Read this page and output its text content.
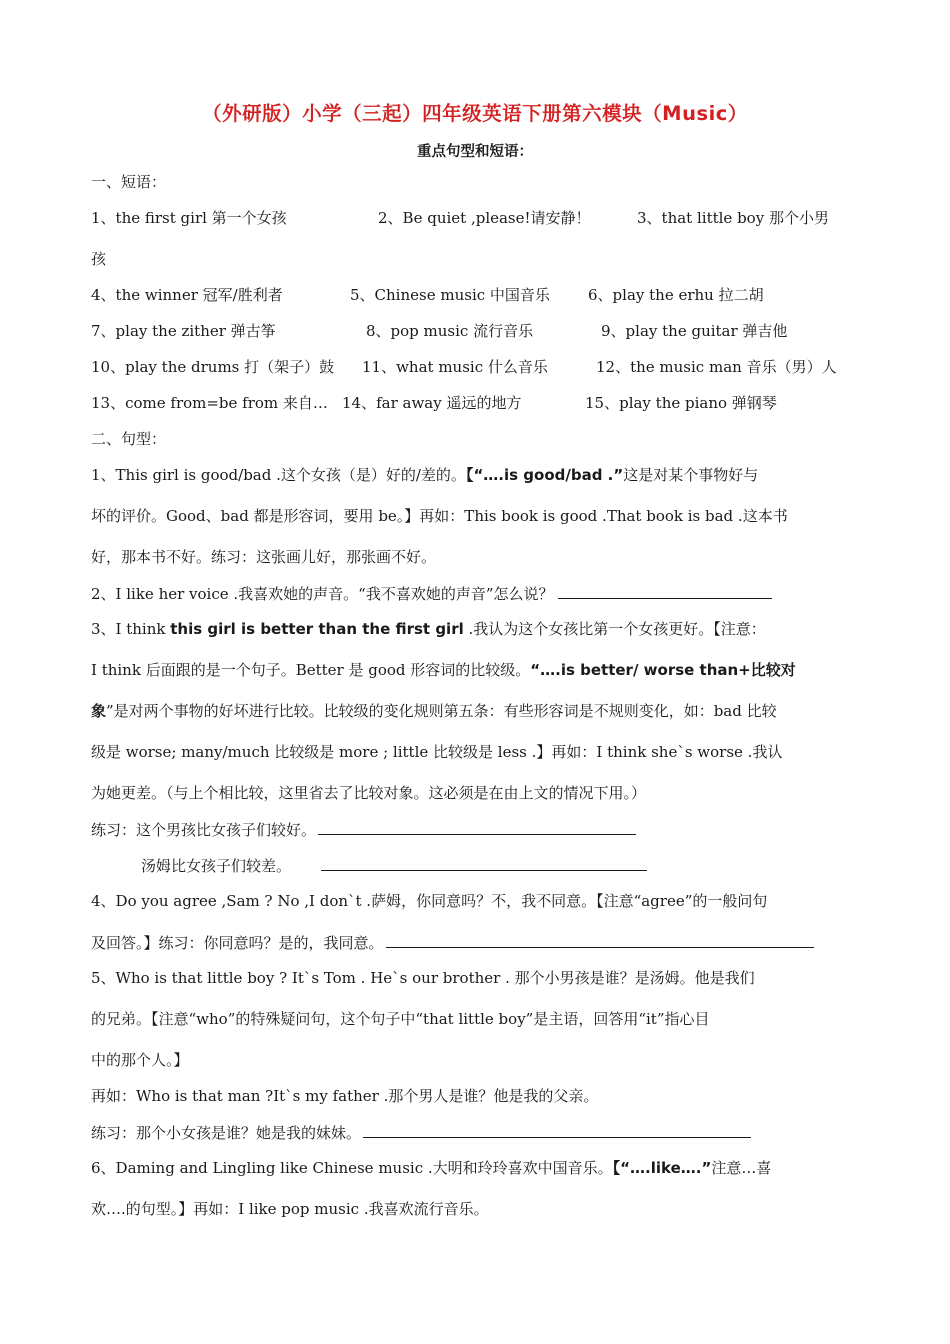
（外研版）小学（三起）四年级英语下册第六模块（Music）
重点句型和短语：
一、短语：
1、the first girl 第一个女孩	2、Be quiet ,please!请安静！	3、that little boy 那个小男
孩
4、the winner 冠军/胜利者	5、Chinese music 中国音乐	6、play the erhu 拉二胡
7、play the zither 弹古筝	8、pop music 流行音乐	9、play the guitar 弹吉他
10、play the drums 打（架子）鼓 11、what music 什么音乐	12、the music man 音乐（男）人
13、come from=be from 来自… 14、far away 遥远的地方	15、play the piano 弹钢琴
二、句型：
1、This girl is good/bad .这个女孩（是）好的/差的。【“….is good/bad .”这是对某个事物好与
坏的评价。Good、bad 都是形容词，要用 be。】再如：This book is good .That book is bad .这本书
好，那本书不好。练习：这张画儿好，那张画不好。
2、I like her voice .我喜欢她的声音。“我不喜欢她的声音”怎么说？
3、I think this girl is better than the first girl .我认为这个女孩比第一个女孩更好。【注意：
I think 后面跟的是一个句子。Better 是 good 形容词的比较级。“….is better/ worse than+比较对
象”是对两个事物的好坏进行比较。比较级的变化规则第五条：有些形容词是不规则变化，如：bad 比较
级是 worse; many/much 比较级是 more ; little 比较级是 less .】再如：I think she`s worse .我认
为她更差。（与上个相比较，这里省去了比较对象。这必须是在由上文的情况下用。）
练习：这个男孩比女孩子们较好。
汤姆比女孩子们较差。
4、Do you agree ,Sam ? No ,I don`t .萨姆，你同意吗？不，我不同意。【注意“agree”的一般问句
及回答。】练习：你同意吗？是的，我同意。
5、Who is that little boy ? It`s Tom . He`s our brother . 那个小男孩是谁？是汤姆。他是我们
的兄弟。【注意“who”的特殊疑问句，这个句子中“that little boy”是主语，回答用“it”指心目
中的那个人。】
再如：Who is that man ?It`s my father .那个男人是谁？他是我的父亲。
练习：那个小女孩是谁？她是我的妹妹。
6、Daming and Lingling like Chinese music .大明和玲玲喜欢中国音乐。【“….like….”注意…喜
欢….的句型。】再如：I like pop music .我喜欢流行音乐。
